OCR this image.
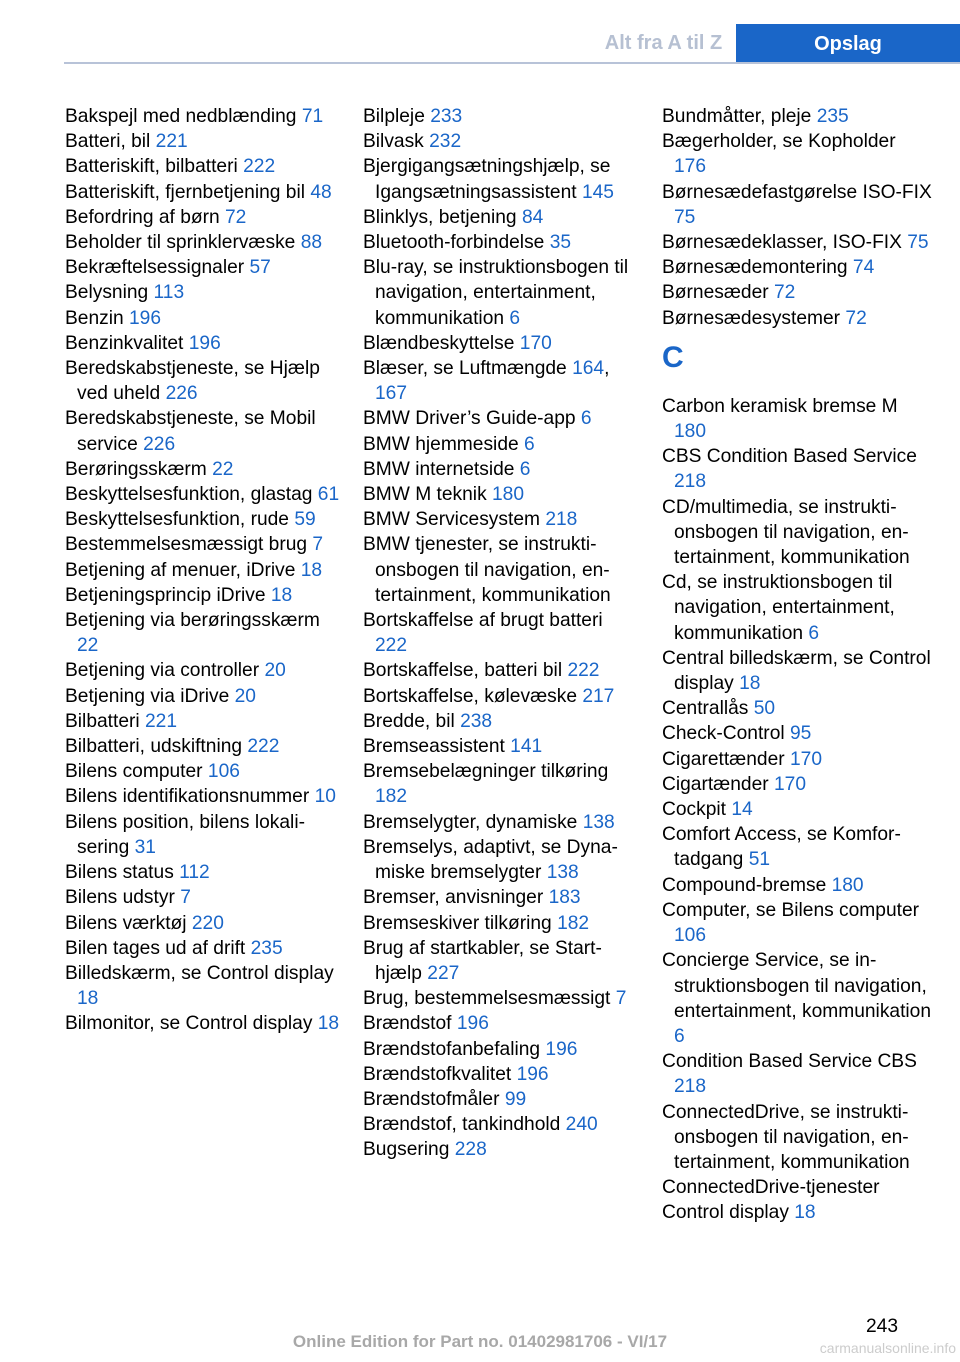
Alt fra A til Z	Opslag
Bakspejl med nedblænding 71
Batteri, bil 221
Batteriskift, bilbatteri 222
Batteriskift, fjernbetjening bil 48
Befordring af børn 72
Beholder til sprinklervæske 88
Bekræftelsessignaler 57
Belysning 113
Benzin 196
Benzinkvalitet 196
Beredskabstjeneste, se Hjælp ved uheld 226
Beredskabstjeneste, se Mobil service 226
Berøringsskærm 22
Beskyttelsesfunktion, glastag 61
Beskyttelsesfunktion, rude 59
Bestemmelsesmæssigt brug 7
Betjening af menuer, iDrive 18
Betjeningsprincip iDrive 18
Betjening via berøringsskærm 22
Betjening via controller 20
Betjening via iDrive 20
Bilbatteri 221
Bilbatteri, udskiftning 222
Bilens computer 106
Bilens identifikationsnummer 10
Bilens position, bilens lokalisering 31
Bilens status 112
Bilens udstyr 7
Bilens værktøj 220
Bilen tages ud af drift 235
Billedskærm, se Control display 18
Bilmonitor, se Control display 18
Bilpleje 233
Bilvask 232
Bjergigangsætningshjælp, se Igangsætningsassistent 145
Blinklys, betjening 84
Bluetooth-forbindelse 35
Blu-ray, se instruktionsbogen til navigation, entertainment, kommunikation 6
Blændbeskyttelse 170
Blæser, se Luftmængde 164, 167
BMW Driver’s Guide-app 6
BMW hjemmeside 6
BMW internetside 6
BMW M teknik 180
BMW Servicesystem 218
BMW tjenester, se instruktionsbogen til navigation, entertainment, kommunikation
Bortskaffelse af brugt batteri 222
Bortskaffelse, batteri bil 222
Bortskaffelse, kølevæske 217
Bredde, bil 238
Bremseassistent 141
Bremsebelægninger tilkøring 182
Bremselygter, dynamiske 138
Bremselys, adaptivt, se Dynamiske bremselygter 138
Bremser, anvisninger 183
Bremseskiver tilkøring 182
Brug af startkabler, se Starthjælp 227
Brug, bestemmelsesmæssigt 7
Brændstof 196
Brændstofanbefaling 196
Brændstofkvalitet 196
Brændstofmåler 99
Brændstof, tankindhold 240
Bugsering 228
Bundmåtter, pleje 235
Bægerholder, se Kopholder 176
Børnesædefastgørelse ISO-FIX 75
Børnesædeklasser, ISO-FIX 75
Børnesædemontering 74
Børnesæder 72
Børnesædesystemer 72
C
Carbon keramisk bremse M 180
CBS Condition Based Service 218
CD/multimedia, se instruktionsbogen til navigation, entertainment, kommunikation
Cd, se instruktionsbogen til navigation, entertainment, kommunikation 6
Central billedskærm, se Control display 18
Centrallås 50
Check-Control 95
Cigarettænder 170
Cigartænder 170
Cockpit 14
Comfort Access, se Komfortadgang 51
Compound-bremse 180
Computer, se Bilens computer 106
Concierge Service, se instruktionsbogen til navigation, entertainment, kommunikation 6
Condition Based Service CBS 218
ConnectedDrive, se instruktionsbogen til navigation, entertainment, kommunikation
ConnectedDrive-tjenester
Control display 18
243
Online Edition for Part no. 01402981706 - VI/17	carmanualsonline.info
